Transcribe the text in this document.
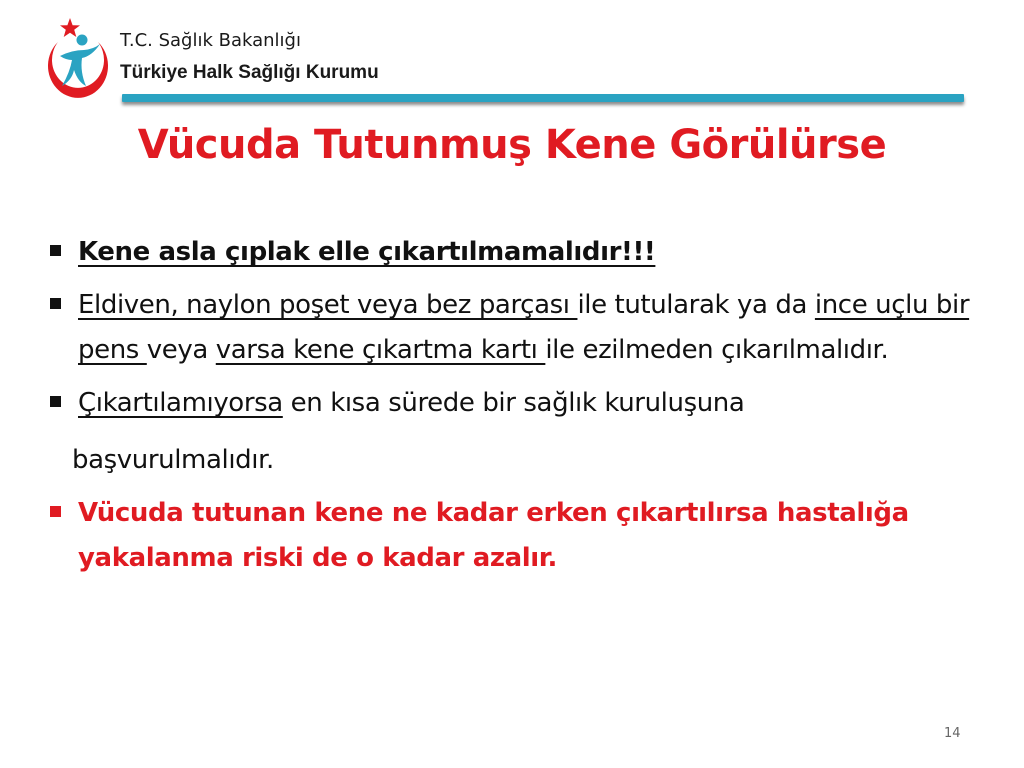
T.C. Sağlık Bakanlığı
Türkiye Halk Sağlığı Kurumu
Vücuda Tutunmuş Kene Görülürse
Kene asla çıplak elle çıkartılmamalıdır!!!
Eldiven, naylon poşet veya bez parçası ile tutularak ya da ince uçlu bir pens veya varsa kene çıkartma kartı ile ezilmeden çıkarılmalıdır.
Çıkartılamıyorsa en kısa sürede bir sağlık kuruluşuna
başvurulmalıdır.
Vücuda tutunan kene ne kadar erken çıkartılırsa hastalığa yakalanma riski de o kadar azalır.
14
